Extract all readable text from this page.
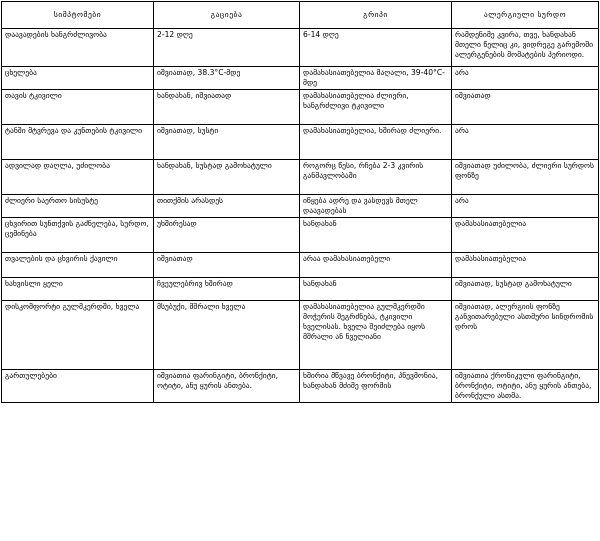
სიმპტომები	გაციება	გრიპი	ალერგიული სურდო
დაავადების ხანგრძლივობა	2-12 დღე	6-14 დღე	რამდენიმე კვირა, თვე, ხანდახან მთელი წელიც კი, ვიდრეგე გარემოში ალერგენების მომატების პერიოდი.
ცხელება	იშვიათად, 38.3°C-მდე	დამახასიათებელია მაღალი, 39-40°C-მდე	არა
თავის ტკივილი	ხანდახან, იშვიათად	დამახასიათებელია ძლიერი, ხანგრძლივი ტკივილი	იშვიათად
ტანში მტვრევა და კუნთების ტკივილი	იშვიათად, სუსტი	დამახასიათებელია, ხშირად ძლიერი.	არა
ადვილად დაღლა, უძილობა	ხანდახან, სუსტად გამოხატული	როგორც წესი, რჩება 2-3 კვირის განმავლობაში	იშვიათად უძილობა, ძლიერი სურდოს ფონზე
ძლიერი საერთო სისუსტე	თითქმის არასდეს	იწყება ადრე და ვასდევს მთელ დაავადებას	არა
ცხვირით სუნთქვის გაძნელება, სურდო, ცემინება	უხშირესად	ხანდახან	დამახასიათებელია
თვალების და ცხვირის ქავილი	იშვიათად	არაა დამახასიათებელი	დამახასიათებელია
ხახვისლი ყელი	ჩვეულებრივ ხშირად	ხანდახან	იშვიათად, სუსტად გამოხატული
დისკომფორტი გულმკერდში, ხველა	მსუბუქი, მშრალი ხველა	დამახასიათებელია გულმკერდში მოჭერის შეგრძნება, ტკივილი ხველისას. ხველა შეიძლება იყოს მშრალი ან ნველიანი	იშვიათად, ალერგიის ფონზე განვითარებული ასთმური სინდრომის დროს
გართულებები	იშვიათია ფარინგიტი, ბრონქიტი, ოტიტი, ანუ ყურის ანთება.	ხშირია მწვავე ბრონქიტი, პნევმონია, ხანდახან მძიმე ფორმის	იშვიათია ქრონიკული ფარინგიტი, ბრონქიტი, ოტიტი, ანუ ყურის ანთება, ბრონქული ასთმა.
